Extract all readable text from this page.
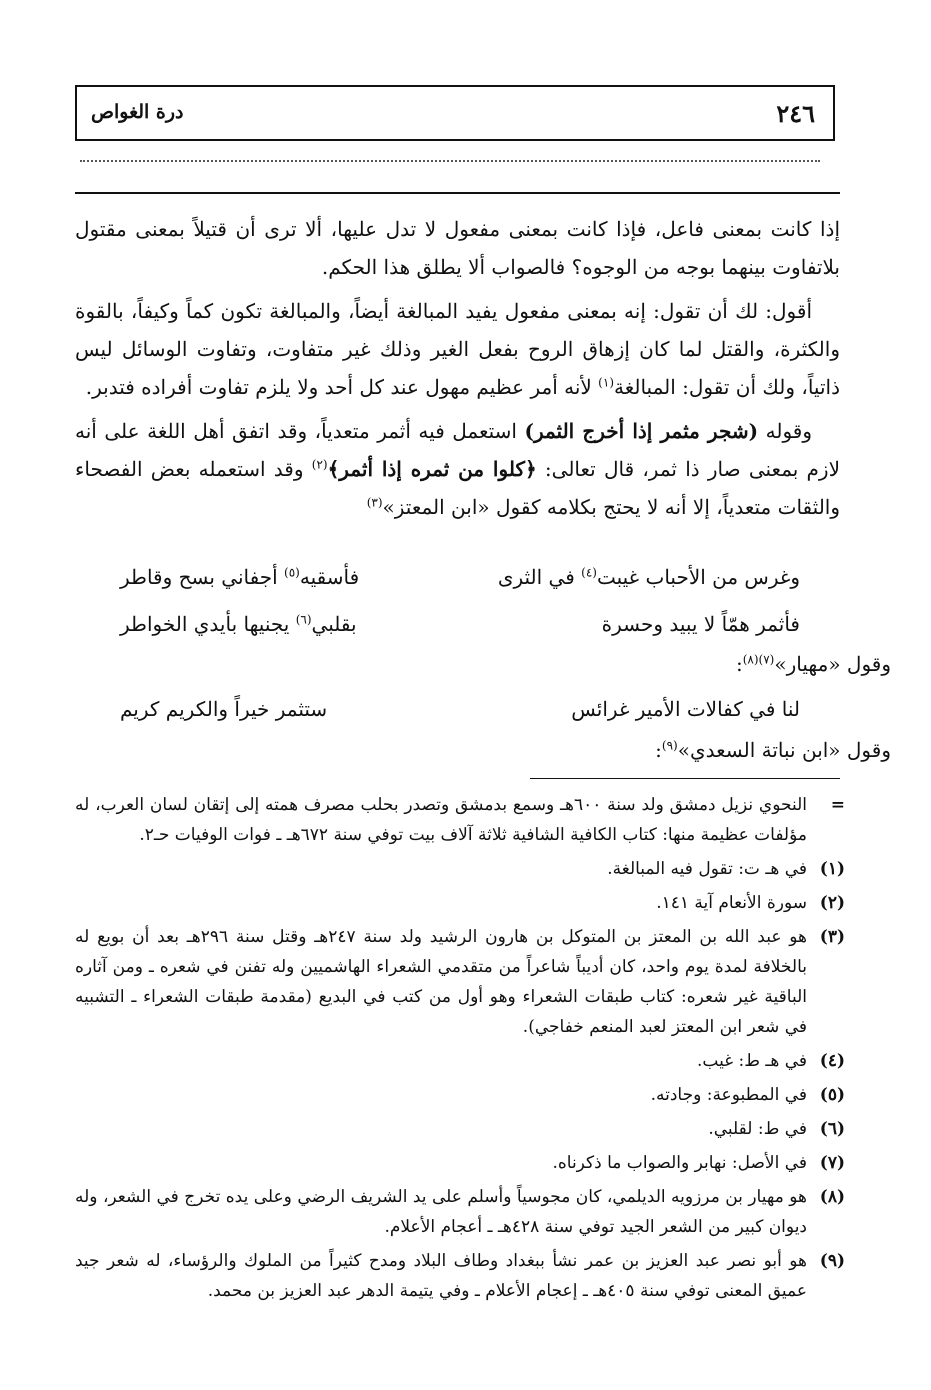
٢٤٦
درة الغواص

إذا كانت بمعنى فاعل، فإذا كانت بمعنى مفعول لا تدل عليها، ألا ترى أن قتيلاً بمعنى مقتول بلاتفاوت بينهما بوجه من الوجوه؟ فالصواب ألا يطلق هذا الحكم.

أقول: لك أن تقول: إنه بمعنى مفعول يفيد المبالغة أيضاً، والمبالغة تكون كماً وكيفاً، بالقوة والكثرة، والقتل لما كان إزهاق الروح بفعل الغير وذلك غير متفاوت، وتفاوت الوسائل ليس ذاتياً، ولك أن تقول: المبالغة$^{(١)}$ لأنه أمر عظيم مهول عند كل أحد ولا يلزم تفاوت أفراده فتدبر.

وقوله (شجر مثمر إذا أخرج الثمر) استعمل فيه أثمر متعدياً، وقد اتفق أهل اللغة على أنه لازم بمعنى صار ذا ثمر، قال تعالى: ﴿كلوا من ثمره إذا أثمر﴾$^{(٢)}$ وقد استعمله بعض الفصحاء والثقات متعدياً، إلا أنه لا يحتج بكلامه كقول «ابن المعتز»$^{(٣)}$

وغرس من الأحباب غيبت$^{(٤)}$ في الثرى
فأسقيه$^{(٥)}$ أجفاني بسح وقاطر
فأثمر همّاً لا يبيد وحسرة
بقلبي$^{(٦)}$ يجنيها بأيدي الخواطر
وقول «مهيار»$^{(٧)(٨)}$:
لنا في كفالات الأمير غرائس
ستثمر خيراً والكريم كريم
وقول «ابن نباتة السعدي»$^{(٩)}$:
=
النحوي نزيل دمشق ولد سنة ٦٠٠هـ وسمع بدمشق وتصدر بحلب مصرف همته إلى إتقان لسان العرب، له مؤلفات عظيمة منها: كتاب الكافية الشافية ثلاثة آلاف بيت توفي سنة ٦٧٢هـ ـ فوات الوفيات حـ٢.
(١)
في هـ ت: تقول فيه المبالغة.
(٢)
سورة الأنعام آية ١٤١.
(٣)
هو عبد الله بن المعتز بن المتوكل بن هارون الرشيد ولد سنة ٢٤٧هـ وقتل سنة ٢٩٦هـ بعد أن بويع له بالخلافة لمدة يوم واحد، كان أديباً شاعراً من متقدمي الشعراء الهاشميين وله تفنن في شعره ـ ومن آثاره الباقية غير شعره: كتاب طبقات الشعراء وهو أول من كتب في البديع (مقدمة طبقات الشعراء ـ التشبيه في شعر ابن المعتز لعبد المنعم خفاجي).
(٤)
في هـ ط: غيب.
(٥)
في المطبوعة: وجادته.
(٦)
في ط: لقلبي.
(٧)
في الأصل: نهابر والصواب ما ذكرناه.
(٨)
هو مهيار بن مرزويه الديلمي، كان مجوسياً وأسلم على يد الشريف الرضي وعلى يده تخرج في الشعر، وله ديوان كبير من الشعر الجيد توفي سنة ٤٢٨هـ ـ أعجام الأعلام.
(٩)
هو أبو نصر عبد العزيز بن عمر نشأ ببغداد وطاف البلاد ومدح كثيراً من الملوك والرؤساء، له شعر جيد عميق المعنى توفي سنة ٤٠٥هـ ـ إعجام الأعلام ـ وفي يتيمة الدهر عبد العزيز بن محمد.
